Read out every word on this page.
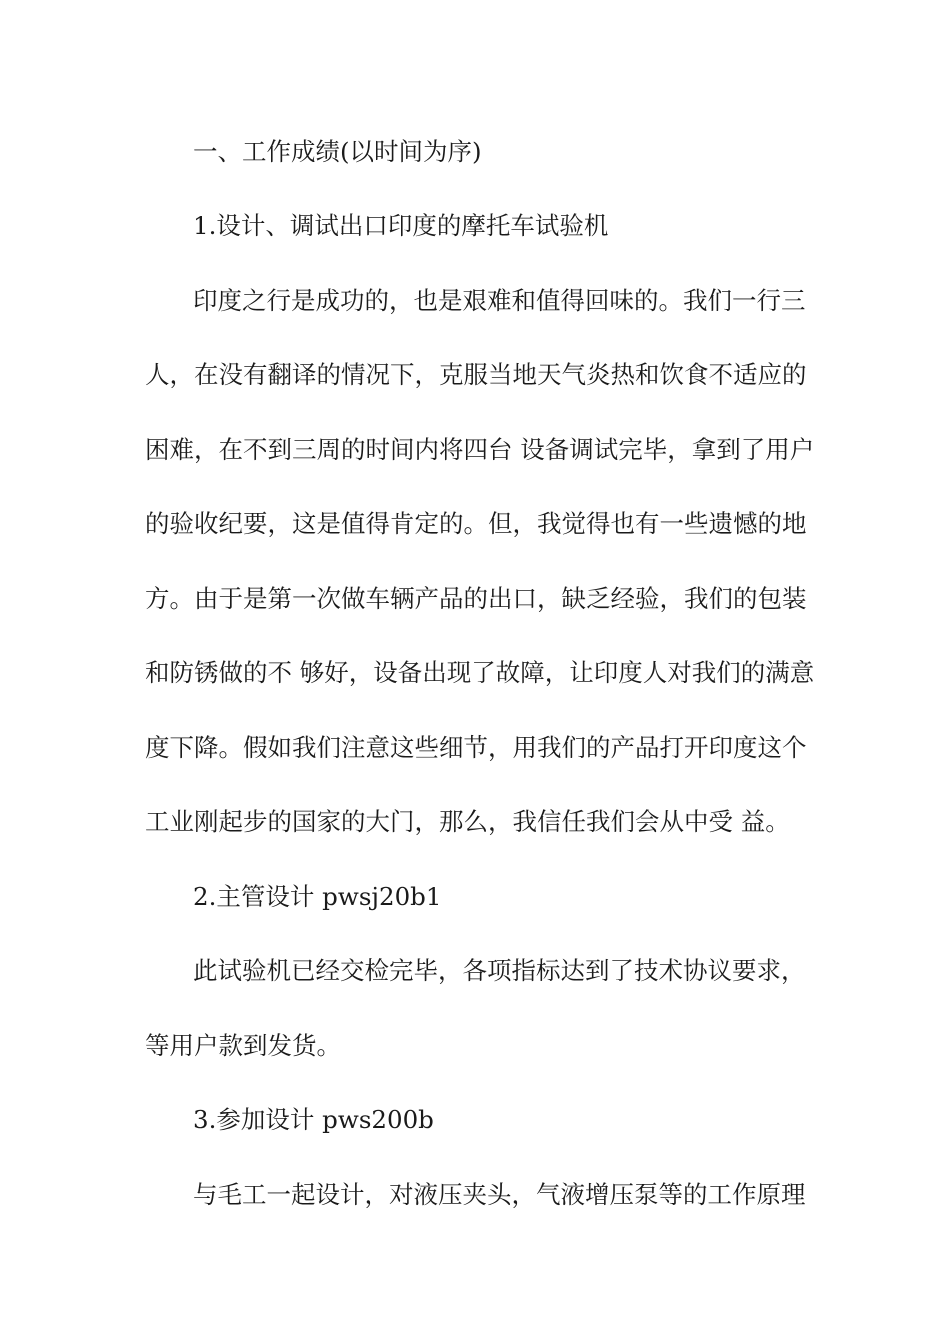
一、工作成绩(以时间为序)
1.设计、调试出口印度的摩托车试验机
印度之行是成功的，也是艰难和值得回味的。我们一行三
人，在没有翻译的情况下，克服当地天气炎热和饮食不适应的
困难，在不到三周的时间内将四台 设备调试完毕，拿到了用户
的验收纪要，这是值得肯定的。但，我觉得也有一些遗憾的地
方。由于是第一次做车辆产品的出口，缺乏经验，我们的包装
和防锈做的不 够好，设备出现了故障，让印度人对我们的满意
度下降。假如我们注意这些细节，用我们的产品打开印度这个
工业刚起步的国家的大门，那么，我信任我们会从中受 益。
2.主管设计 pwsj20b1
此试验机已经交检完毕，各项指标达到了技术协议要求，
等用户款到发货。
3.参加设计 pws200b
与毛工一起设计，对液压夹头，气液增压泵等的工作原理
